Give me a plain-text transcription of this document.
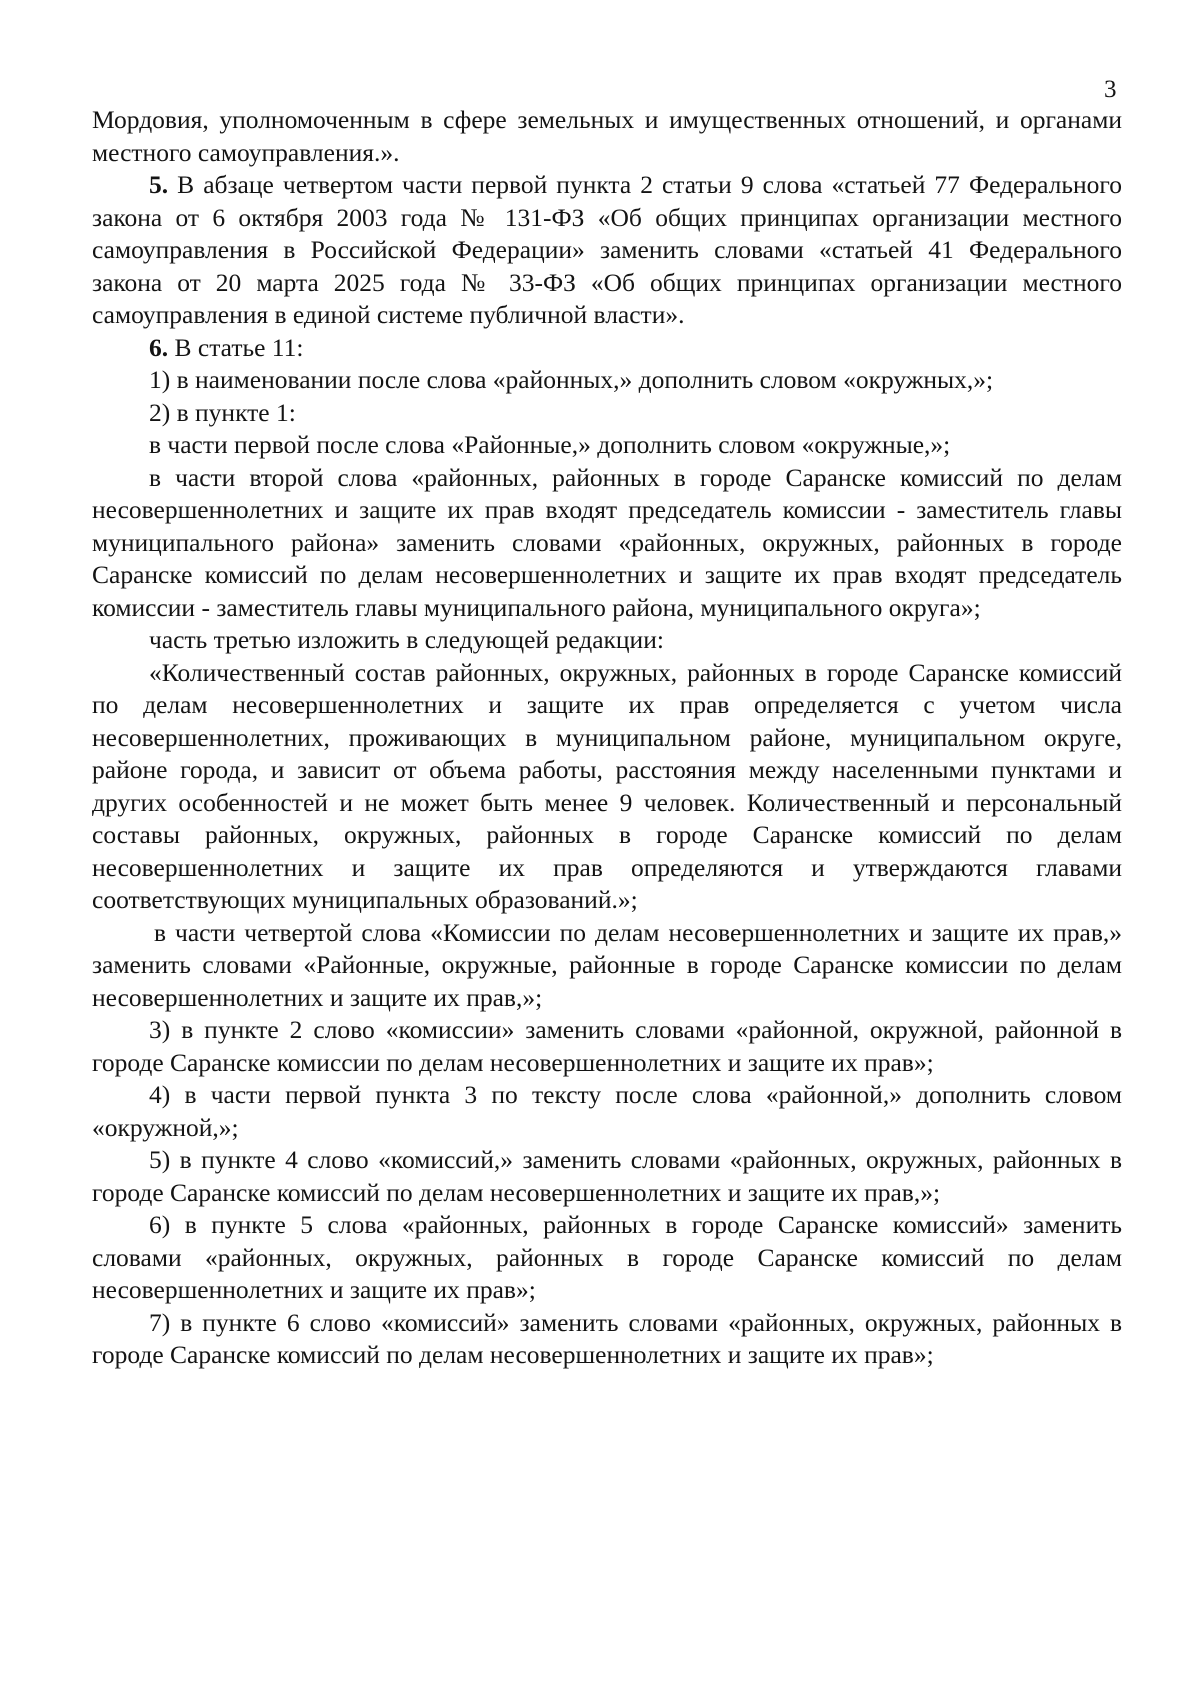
3

Мордовия, уполномоченным в сфере земельных и имущественных отношений, и органами местного самоуправления.».

5. В абзаце четвертом части первой пункта 2 статьи 9 слова «статьей 77 Федерального закона от 6 октября 2003 года № 131-ФЗ «Об общих принципах организации местного самоуправления в Российской Федерации» заменить словами «статьей 41 Федерального закона от 20 марта 2025 года № 33-ФЗ «Об общих принципах организации местного самоуправления в единой системе публичной власти».

6. В статье 11:

1) в наименовании после слова «районных,» дополнить словом «окружных,»;

2) в пункте 1:

в части первой после слова «Районные,» дополнить словом «окружные,»;

в части второй слова «районных, районных в городе Саранске комиссий по делам несовершеннолетних и защите их прав входят председатель комиссии - заместитель главы муниципального района» заменить словами «районных, окружных, районных в городе Саранске комиссий по делам несовершеннолетних и защите их прав входят председатель комиссии - заместитель главы муниципального района, муниципального округа»;

часть третью изложить в следующей редакции:

«Количественный состав районных, окружных, районных в городе Саранске комиссий по делам несовершеннолетних и защите их прав определяется с учетом числа несовершеннолетних, проживающих в муниципальном районе, муниципальном округе, районе города, и зависит от объема работы, расстояния между населенными пунктами и других особенностей и не может быть менее 9 человек. Количественный и персональный составы районных, окружных, районных в городе Саранске комиссий по делам несовершеннолетних и защите их прав определяются и утверждаются главами соответствующих муниципальных образований.»;

в части четвертой слова «Комиссии по делам несовершеннолетних и защите их прав,» заменить словами «Районные, окружные, районные в городе Саранске комиссии по делам несовершеннолетних и защите их прав,»;

3) в пункте 2 слово «комиссии» заменить словами «районной, окружной, районной в городе Саранске комиссии по делам несовершеннолетних и защите их прав»;

4) в части первой пункта 3 по тексту после слова «районной,» дополнить словом «окружной,»;

5) в пункте 4 слово «комиссий,» заменить словами «районных, окружных, районных в городе Саранске комиссий по делам несовершеннолетних и защите их прав,»;

6) в пункте 5 слова «районных, районных в городе Саранске комиссий» заменить словами «районных, окружных, районных в городе Саранске комиссий по делам несовершеннолетних и защите их прав»;

7) в пункте 6 слово «комиссий» заменить словами «районных, окружных, районных в городе Саранске комиссий по делам несовершеннолетних и защите их прав»;
